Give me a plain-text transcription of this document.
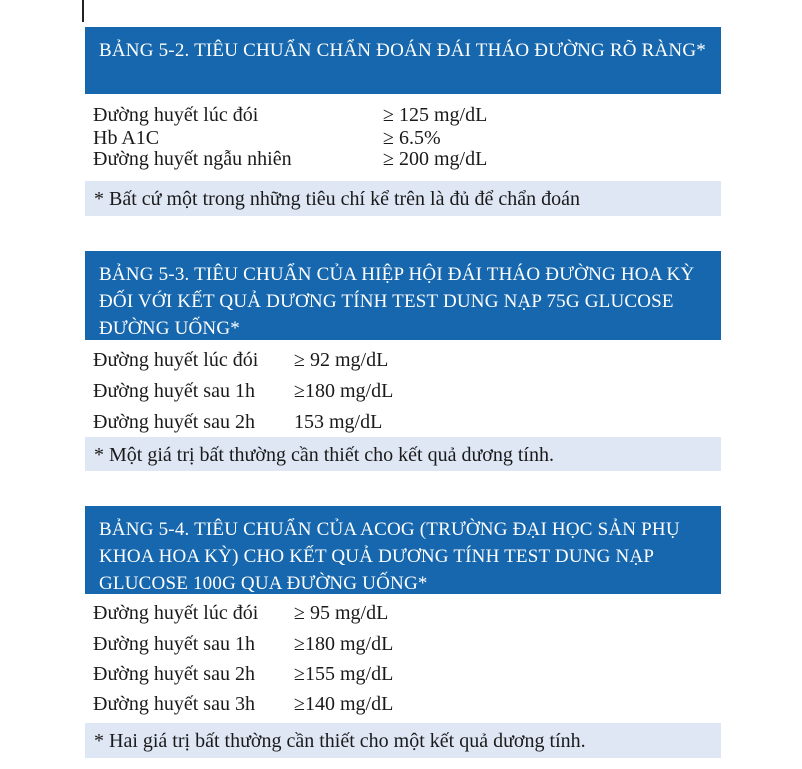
BẢNG 5-2. TIÊU CHUẨN CHẨN ĐOÁN ĐÁI THÁO ĐƯỜNG RÕ RÀNG*
Đường huyết lúc đói	≥ 125 mg/dL
Hb A1C	≥ 6.5%
Đường huyết ngẫu nhiên	≥ 200 mg/dL
* Bất cứ một trong những tiêu chí kể trên là đủ để chẩn đoán
BẢNG 5-3. TIÊU CHUẨN CỦA HIỆP HỘI ĐÁI THÁO ĐƯỜNG HOA KỲ ĐỐI VỚI KẾT QUẢ DƯƠNG TÍNH TEST DUNG NẠP 75G GLUCOSE ĐƯỜNG UỐNG*
Đường huyết lúc đói ≥ 92 mg/dL
Đường huyết sau 1h ≥180 mg/dL
Đường huyết sau 2h 153 mg/dL
* Một giá trị bất thường cần thiết cho kết quả dương tính.
BẢNG 5-4. TIÊU CHUẨN CỦA ACOG (TRƯỜNG ĐẠI HỌC SẢN PHỤ KHOA HOA KỲ) CHO KẾT QUẢ DƯƠNG TÍNH TEST DUNG NẠP GLUCOSE 100G QUA ĐƯỜNG UỐNG*
Đường huyết lúc đói ≥ 95 mg/dL
Đường huyết sau 1h ≥180 mg/dL
Đường huyết sau 2h ≥155 mg/dL
Đường huyết sau 3h ≥140 mg/dL
* Hai giá trị bất thường cần thiết cho một kết quả dương tính.
